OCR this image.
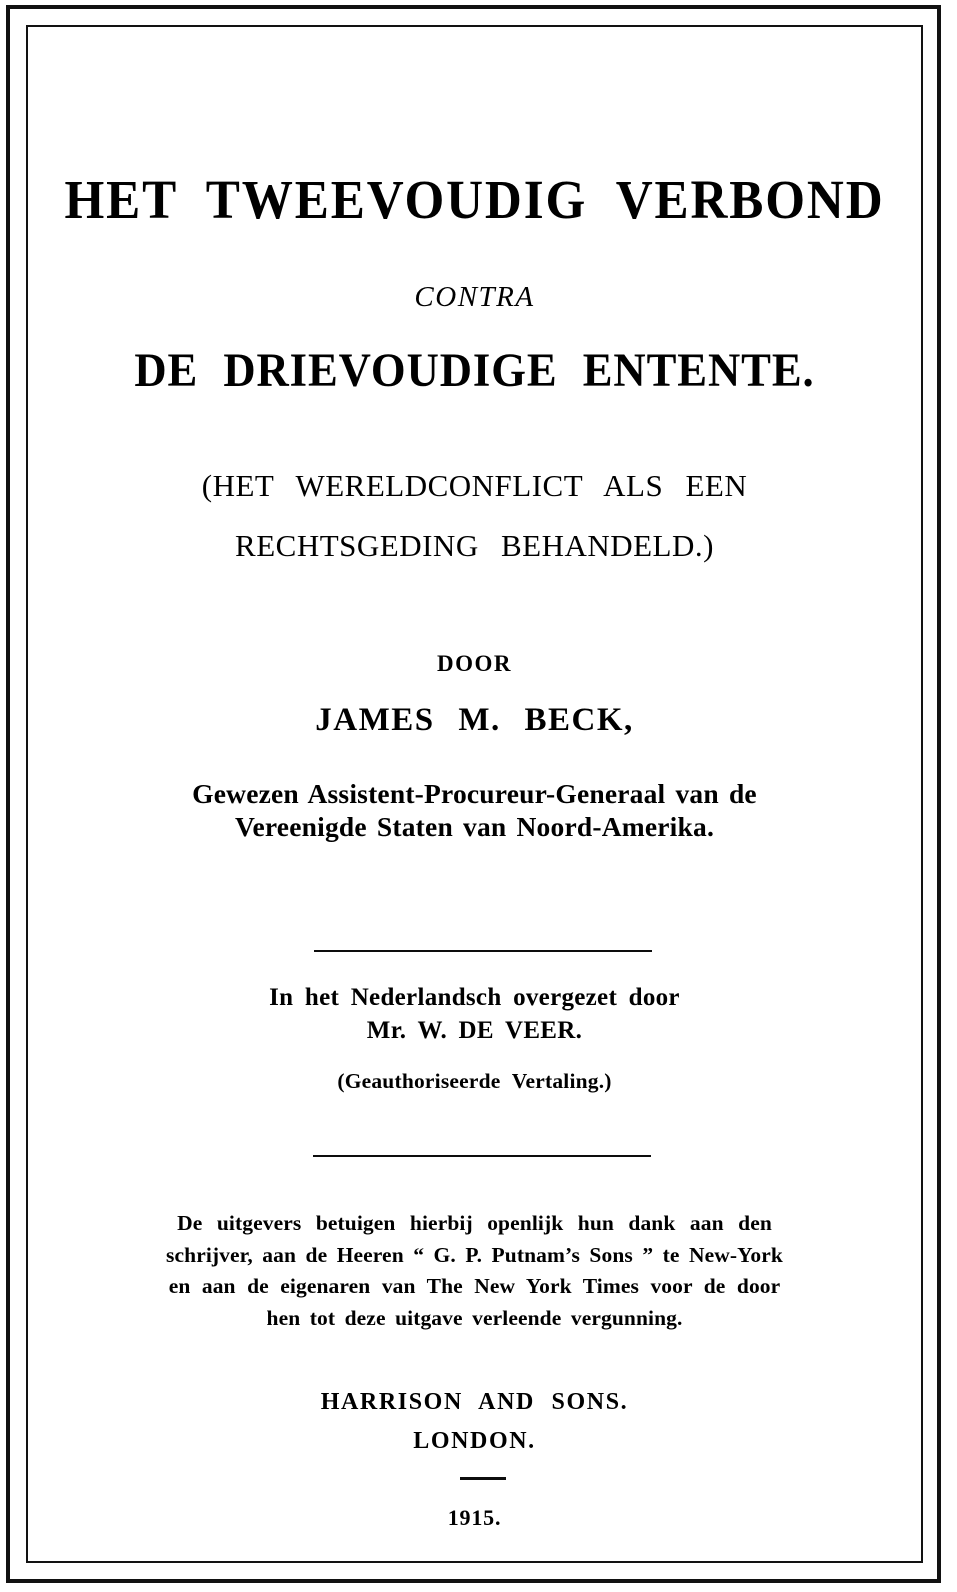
HET TWEEVOUDIG VERBOND
CONTRA
DE DRIEVOUDIGE ENTENTE.
(HET WERELDCONFLICT ALS EEN
RECHTSGEDING BEHANDELD.)
DOOR
JAMES M. BECK,
Gewezen Assistent-Procureur-Generaal van de
Vereenigde Staten van Noord-Amerika.
In het Nederlandsch overgezet door
Mr. W. DE VEER.
(Geauthoriseerde Vertaling.)
De uitgevers betuigen hierbij openlijk hun dank aan den
schrijver, aan de Heeren “ G. P. Putnam’s Sons ” te New-York
en aan de eigenaren van The New York Times voor de door
hen tot deze uitgave verleende vergunning.
HARRISON AND SONS.
LONDON.
1915.
